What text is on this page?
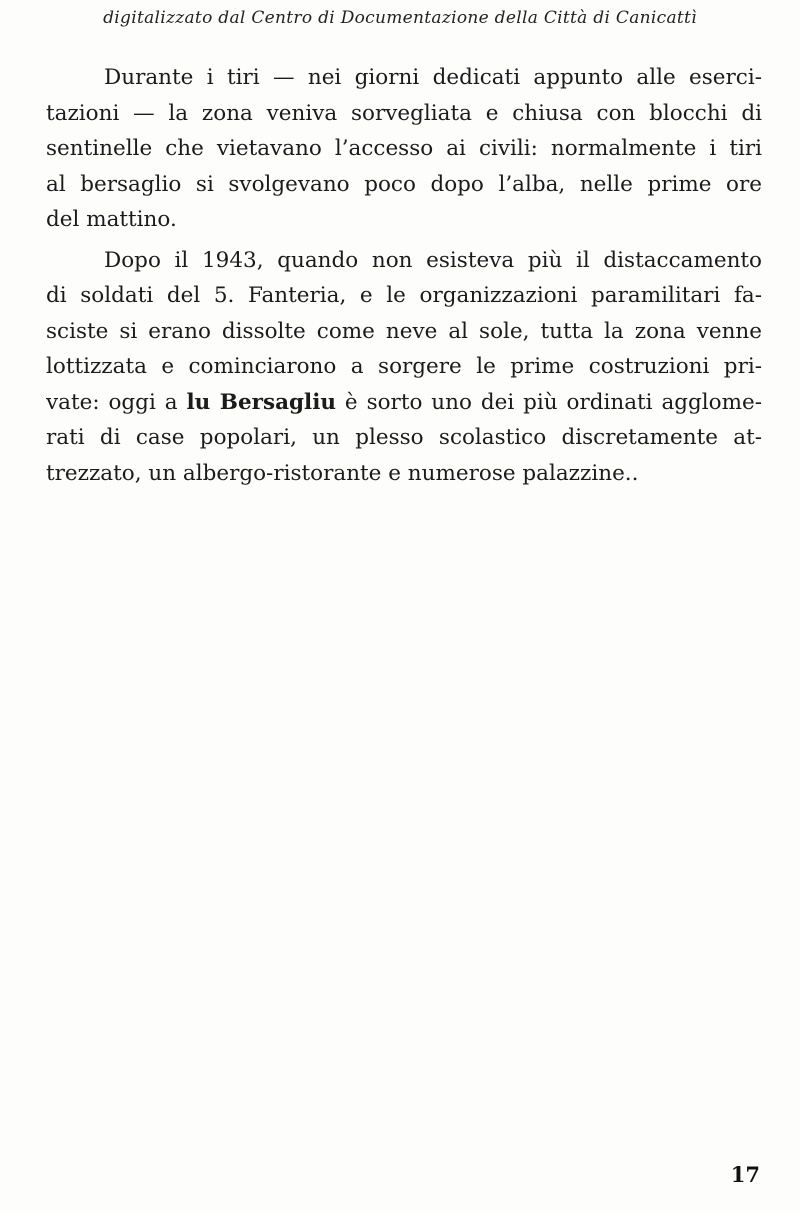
digitalizzato dal Centro di Documentazione della Città di Canicattì

Durante i tiri — nei giorni dedicati appunto alle eserci-
tazioni — la zona veniva sorvegliata e chiusa con blocchi di
sentinelle che vietavano l’accesso ai civili: normalmente i tiri
al bersaglio si svolgevano poco dopo l’alba, nelle prime ore
del mattino.

Dopo il 1943, quando non esisteva più il distaccamento
di soldati del 5. Fanteria, e le organizzazioni paramilitari fa-
sciste si erano dissolte come neve al sole, tutta la zona venne
lottizzata e cominciarono a sorgere le prime costruzioni pri-
vate: oggi a lu Bersagliu è sorto uno dei più ordinati agglome-
rati di case popolari, un plesso scolastico discretamente at-
trezzato, un albergo-ristorante e numerose palazzine..

17
